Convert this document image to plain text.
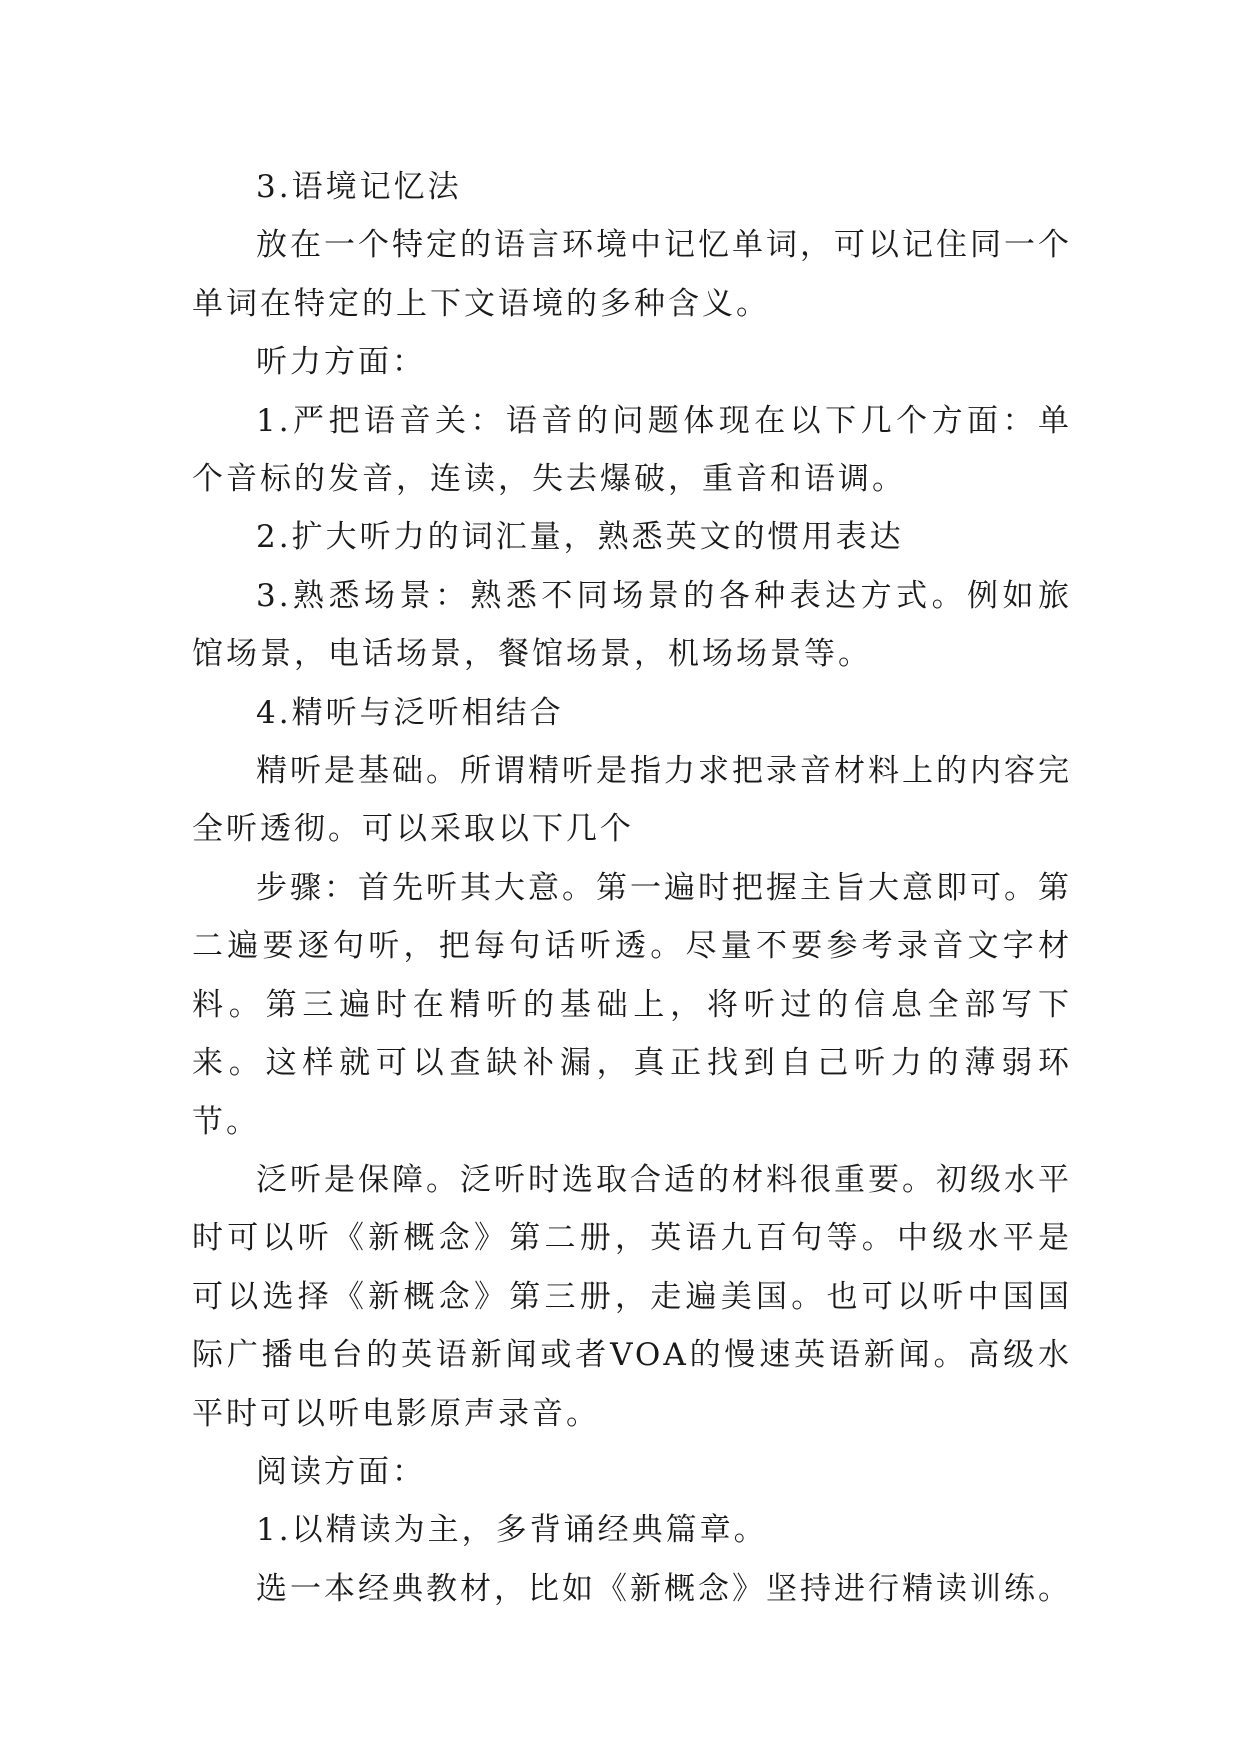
3.语境记忆法

放在一个特定的语言环境中记忆单词，可以记住同一个单词在特定的上下文语境的多种含义。

听力方面：

1.严把语音关：语音的问题体现在以下几个方面：单个音标的发音，连读，失去爆破，重音和语调。

2.扩大听力的词汇量，熟悉英文的惯用表达

3.熟悉场景：熟悉不同场景的各种表达方式。例如旅馆场景，电话场景，餐馆场景，机场场景等。

4.精听与泛听相结合

精听是基础。所谓精听是指力求把录音材料上的内容完全听透彻。可以采取以下几个

步骤：首先听其大意。第一遍时把握主旨大意即可。第二遍要逐句听，把每句话听透。尽量不要参考录音文字材料。第三遍时在精听的基础上，将听过的信息全部写下来。这样就可以查缺补漏，真正找到自己听力的薄弱环节。

泛听是保障。泛听时选取合适的材料很重要。初级水平时可以听《新概念》第二册，英语九百句等。中级水平是可以选择《新概念》第三册，走遍美国。也可以听中国国际广播电台的英语新闻或者VOA的慢速英语新闻。高级水平时可以听电影原声录音。

阅读方面：

1.以精读为主，多背诵经典篇章。

选一本经典教材，比如《新概念》坚持进行精读训练。
